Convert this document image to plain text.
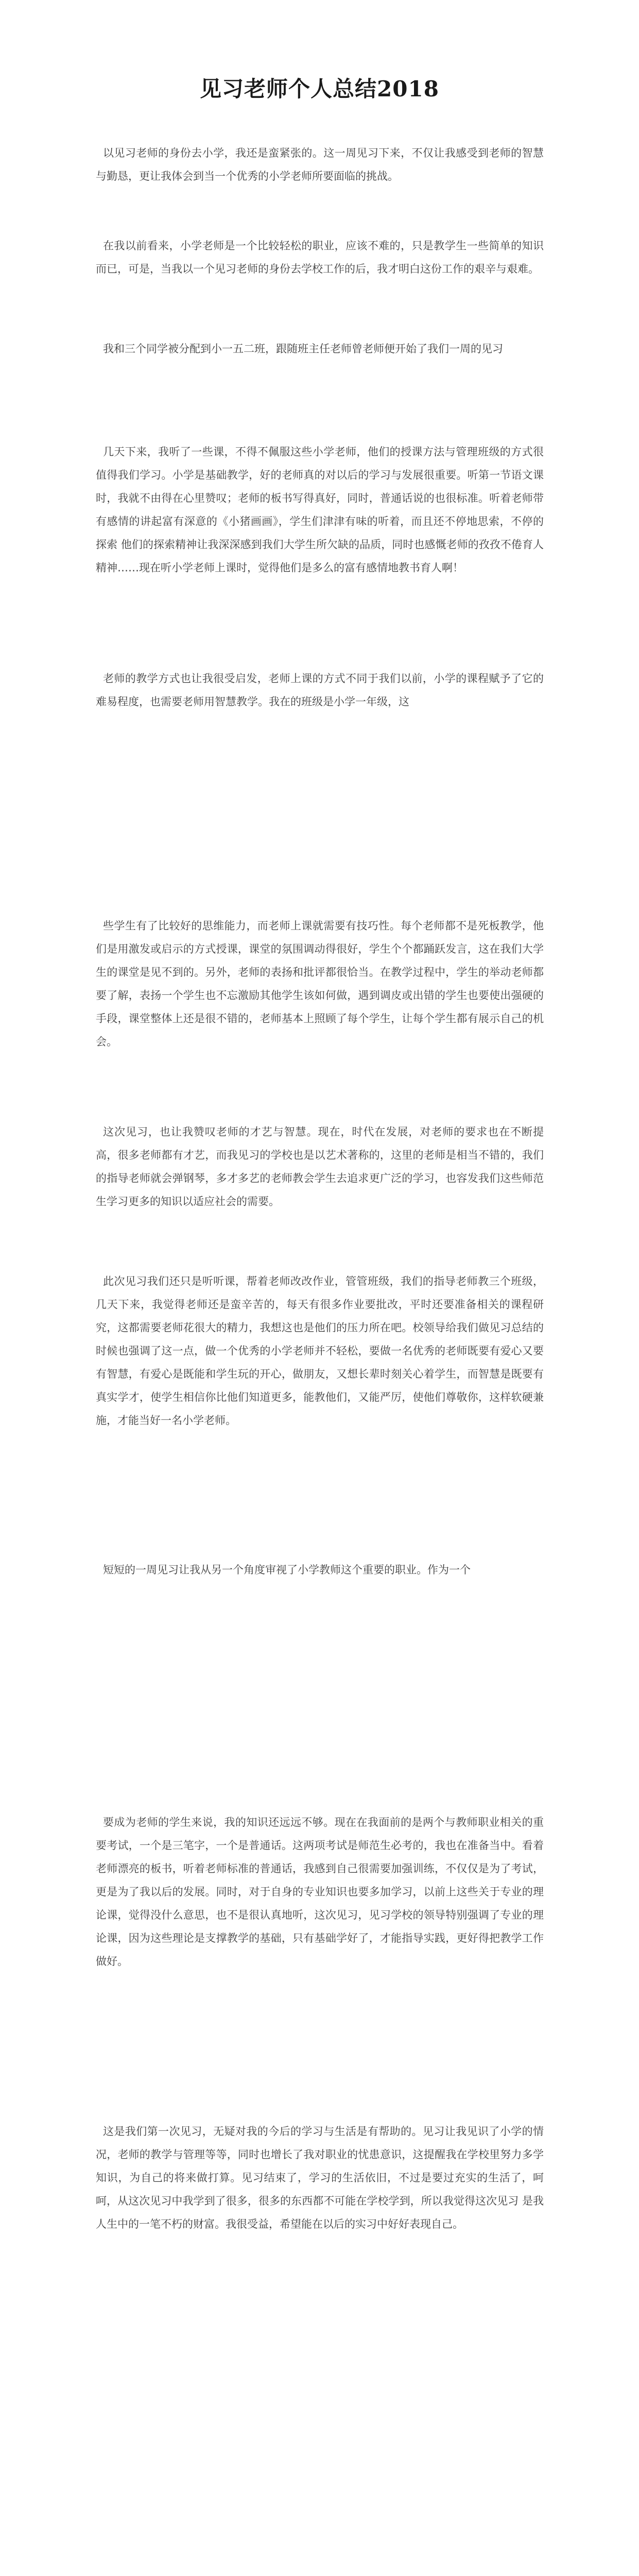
见习老师个人总结2018

以见习老师的身份去小学，我还是蛮紧张的。这一周见习下来，不仅让我感受到老师的智慧与勤恳，更让我体会到当一个优秀的小学老师所要面临的挑战。

在我以前看来，小学老师是一个比较轻松的职业，应该不难的，只是教学生一些简单的知识而已，可是，当我以一个见习老师的身份去学校工作的后，我才明白这份工作的艰辛与艰难。

我和三个同学被分配到小一五二班，跟随班主任老师曾老师便开始了我们一周的见习

几天下来，我听了一些课，不得不佩服这些小学老师，他们的授课方法与管理班级的方式很值得我们学习。小学是基础教学，好的老师真的对以后的学习与发展很重要。听第一节语文课时，我就不由得在心里赞叹；老师的板书写得真好，同时，普通话说的也很标准。听着老师带有感情的讲起富有深意的《小猪画画》，学生们津津有味的听着，而且还不停地思索，不停的探索 他们的探索精神让我深深感到我们大学生所欠缺的品质，同时也感慨老师的孜孜不倦育人精神……现在听小学老师上课时，觉得他们是多么的富有感情地教书育人啊！

老师的教学方式也让我很受启发，老师上课的方式不同于我们以前，小学的课程赋予了它的难易程度，也需要老师用智慧教学。我在的班级是小学一年级，这

些学生有了比较好的思维能力，而老师上课就需要有技巧性。每个老师都不是死板教学，他们是用激发或启示的方式授课，课堂的氛围调动得很好，学生个个都踊跃发言，这在我们大学生的课堂是见不到的。另外，老师的表扬和批评都很恰当。在教学过程中，学生的举动老师都要了解，表扬一个学生也不忘激励其他学生该如何做，遇到调皮或出错的学生也要使出强硬的手段，课堂整体上还是很不错的，老师基本上照顾了每个学生，让每个学生都有展示自己的机会。

这次见习，也让我赞叹老师的才艺与智慧。现在，时代在发展，对老师的要求也在不断提高，很多老师都有才艺，而我见习的学校也是以艺术著称的，这里的老师是相当不错的，我们的指导老师就会弹钢琴，多才多艺的老师教会学生去追求更广泛的学习，也容发我们这些师范生学习更多的知识以适应社会的需要。

此次见习我们还只是听听课，帮着老师改改作业，管管班级，我们的指导老师教三个班级，几天下来，我觉得老师还是蛮辛苦的，每天有很多作业要批改，平时还要准备相关的课程研究，这都需要老师花很大的精力，我想这也是他们的压力所在吧。校领导给我们做见习总结的时候也强调了这一点，做一个优秀的小学老师并不轻松，要做一名优秀的老师既要有爱心又要有智慧，有爱心是既能和学生玩的开心，做朋友，又想长辈时刻关心着学生，而智慧是既要有真实学才，使学生相信你比他们知道更多，能教他们，又能严厉，使他们尊敬你，这样软硬兼施，才能当好一名小学老师。

短短的一周见习让我从另一个角度审视了小学教师这个重要的职业。作为一个

要成为老师的学生来说，我的知识还远远不够。现在在我面前的是两个与教师职业相关的重要考试，一个是三笔字，一个是普通话。这两项考试是师范生必考的，我也在准备当中。看着老师漂亮的板书，听着老师标准的普通话，我感到自己很需要加强训练，不仅仅是为了考试，更是为了我以后的发展。同时，对于自身的专业知识也要多加学习，以前上这些关于专业的理论课，觉得没什么意思，也不是很认真地听，这次见习，见习学校的领导特别强调了专业的理论课，因为这些理论是支撑教学的基础，只有基础学好了，才能指导实践，更好得把教学工作做好。

这是我们第一次见习，无疑对我的今后的学习与生活是有帮助的。见习让我见识了小学的情况，老师的教学与管理等等，同时也增长了我对职业的忧患意识，这提醒我在学校里努力多学知识，为自己的将来做打算。见习结束了，学习的生活依旧，不过是要过充实的生活了，呵呵，从这次见习中我学到了很多，很多的东西都不可能在学校学到，所以我觉得这次见习 是我人生中的一笔不朽的财富。我很受益，希望能在以后的实习中好好表现自己。
